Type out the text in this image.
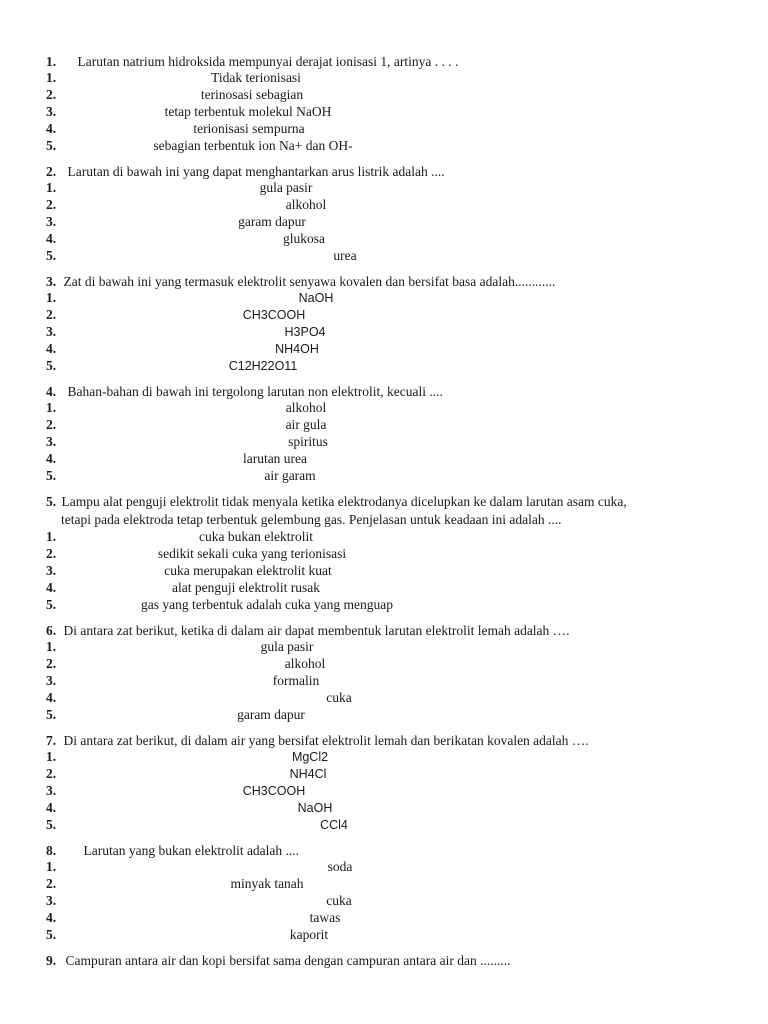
1. Larutan natrium hidroksida mempunyai derajat ionisasi 1, artinya . . . .
1.	Tidak terionisasi
2.	terinosasi sebagian
3.	tetap terbentuk molekul NaOH
4.	terionisasi sempurna
5.	sebagian terbentuk ion Na+ dan OH-
2. Larutan di bawah ini yang dapat menghantarkan arus listrik adalah ....
1.	gula pasir
2.	alkohol
3.	garam dapur
4.	glukosa
5.	urea
3. Zat di bawah ini yang termasuk elektrolit senyawa kovalen dan bersifat basa adalah............
1.	NaOH
2.	CH3COOH
3.	H3PO4
4.	NH4OH
5.	C12H22O11
4. Bahan-bahan di bawah ini tergolong larutan non elektrolit, kecuali ....
1.	alkohol
2.	air gula
3.	spiritus
4.	larutan urea
5.	air garam
5. Lampu alat penguji elektrolit tidak menyala ketika elektrodanya dicelupkan ke dalam larutan asam cuka,
tetapi pada elektroda tetap terbentuk gelembung gas. Penjelasan untuk keadaan ini adalah ....
1.	cuka bukan elektrolit
2.	sedikit sekali cuka yang terionisasi
3.	cuka merupakan elektrolit kuat
4.	alat penguji elektrolit rusak
5.	gas yang terbentuk adalah cuka yang menguap
6. Di antara zat berikut, ketika di dalam air dapat membentuk larutan elektrolit lemah adalah ….
1.	gula pasir
2.	alkohol
3.	formalin
4.	cuka
5.	garam dapur
7. Di antara zat berikut, di dalam air yang bersifat elektrolit lemah dan berikatan kovalen adalah ….
1.	MgCl2
2.	NH4Cl
3.	CH3COOH
4.	NaOH
5.	CCl4
8. Larutan yang bukan elektrolit adalah ....
1.	soda
2.	minyak tanah
3.	cuka
4.	tawas
5.	kaporit
9. Campuran antara air dan kopi bersifat sama dengan campuran antara air dan .........
